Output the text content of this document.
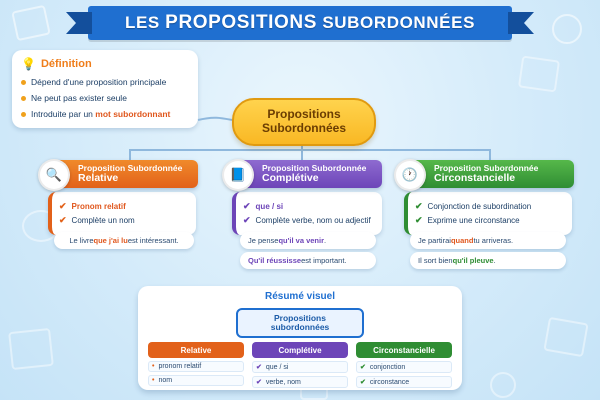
LES PROPOSITIONS SUBORDONNÉES
💡 Définition
Dépend d'une proposition principale
Ne peut pas exister seule
Introduite par un mot subordonnant	Propositions
Subordonnées
🔍	Proposition Subordonnée
Relative	📘	Proposition Subordonnée
Complétive	🕐	Proposition Subordonnée
Circonstancielle
✔ Pronom relatif
✔ Complète un nom
✔ que / si
✔ Complète verbe, nom ou adjectif
✔ Conjonction de subordination
✔ Exprime une circonstance
Le livre que j'ai lu est intéressant.	Je pense qu'il va venir .
Qu'il réussisse est important.
Je partirai quand tu arriveras.
Il sort bien qu'il pleuve .
Résumé visuel
Propositions
subordonnées
Relative
• pronom relatif
• nom
Complétive
✔ que / si
✔ verbe, nom
Circonstancielle
✔ conjonction
✔ circonstance
